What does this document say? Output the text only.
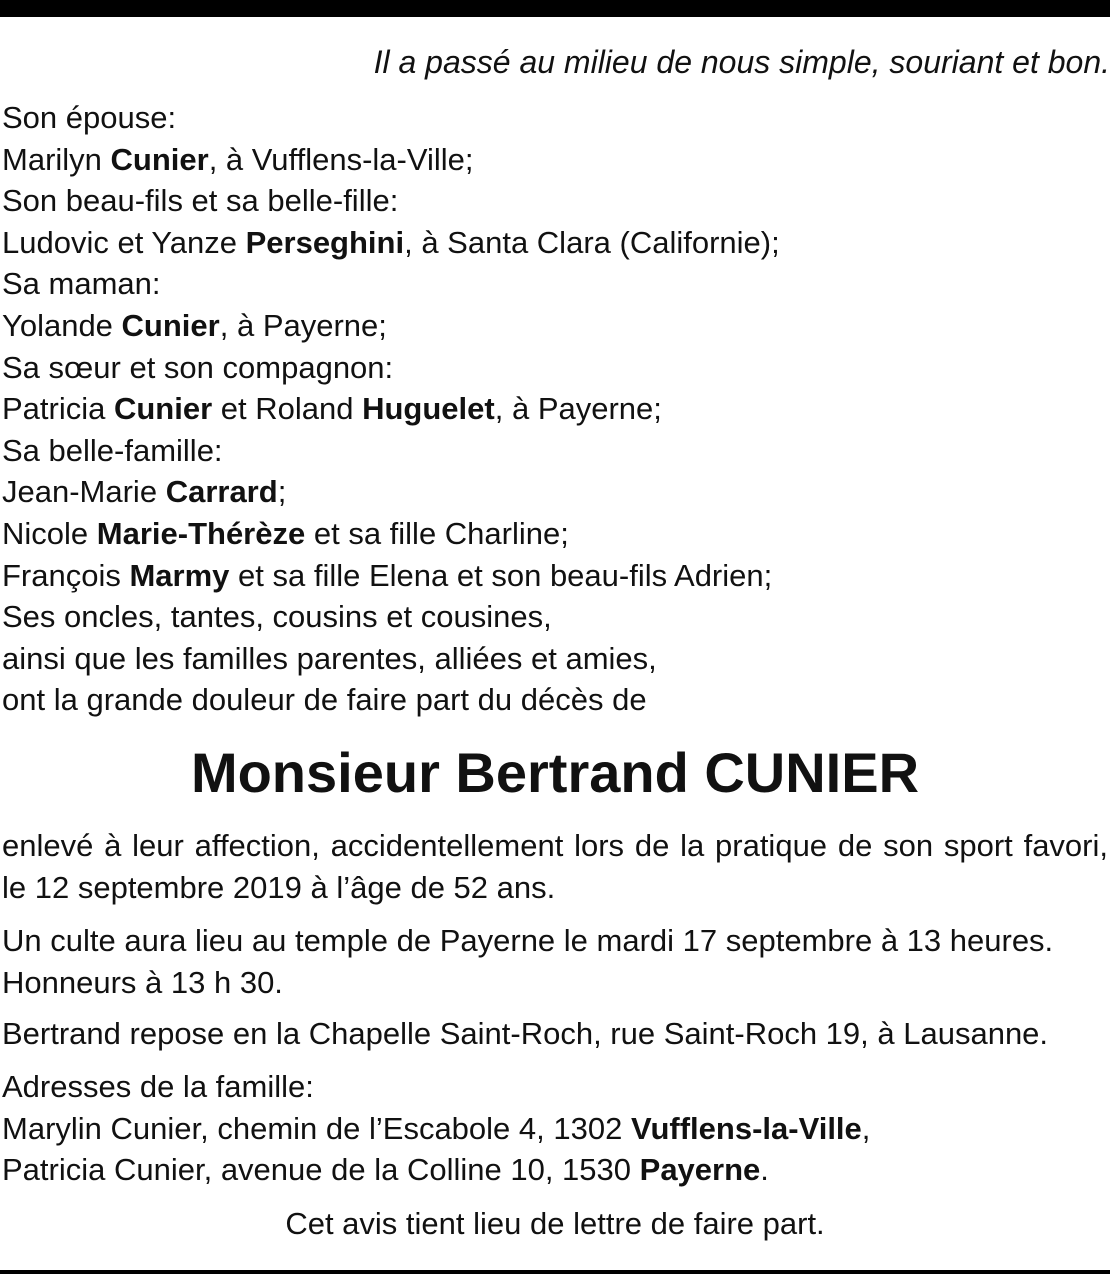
Il a passé au milieu de nous simple, souriant et bon.
Son épouse:
Marilyn Cunier, à Vufflens-la-Ville;
Son beau-fils et sa belle-fille:
Ludovic et Yanze Perseghini, à Santa Clara (Californie);
Sa maman:
Yolande Cunier, à Payerne;
Sa sœur et son compagnon:
Patricia Cunier et Roland Huguelet, à Payerne;
Sa belle-famille:
Jean-Marie Carrard;
Nicole Marie-Thérèze et sa fille Charline;
François Marmy et sa fille Elena et son beau-fils Adrien;
Ses oncles, tantes, cousins et cousines,
ainsi que les familles parentes, alliées et amies,
ont la grande douleur de faire part du décès de
Monsieur Bertrand CUNIER

enlevé à leur affection, accidentellement lors de la pratique de son sport favori, le 12 septembre 2019 à l’âge de 52 ans.

Un culte aura lieu au temple de Payerne le mardi 17 septembre à 13 heures.
Honneurs à 13 h 30.
Bertrand repose en la Chapelle Saint-Roch, rue Saint-Roch 19, à Lausanne.
Adresses de la famille:
Marylin Cunier, chemin de l’Escabole 4, 1302 Vufflens-la-Ville,
Patricia Cunier, avenue de la Colline 10, 1530 Payerne.
Cet avis tient lieu de lettre de faire part.
